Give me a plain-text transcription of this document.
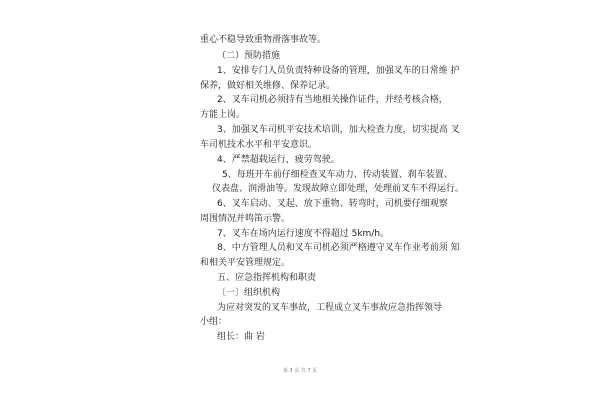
重心不稳导致重物滑落事故等。
（二）预防措施
1、安排专门人员负责特种设备的管理，加强叉车的日常维 护
保养，做好相关维修、保养记录。
2、叉车司机必须持有当地相关操作证件，并经考核合格，
方能上岗。
3、加强叉车司机平安技术培训，加大检查力度，切实提高 叉
车司机技术水平和平安意识。
4、严禁超载运行，疲劳驾驶。
5、每班开车前仔细检查叉车动力、传动装置、刹车装置、
仪表盘、润滑油等。发现故障立即处理，处理前叉车不得运行。
6、叉车启动、叉起、放下重物、转弯时，司机要仔细观察
周围情况并鸣笛示警。
7、叉车在场内运行速度不得超过 5km/h。
8、中方管理人员和叉车司机必须严格遵守叉车作业考前须 知
和相关平安管理规定。
五、应急指挥机构和职责
〔一〕组织机构
为应对突发的叉车事故，工程成立叉车事故应急指挥领导
小组：
组长：曲 岩
第 3 页 共 7 页
